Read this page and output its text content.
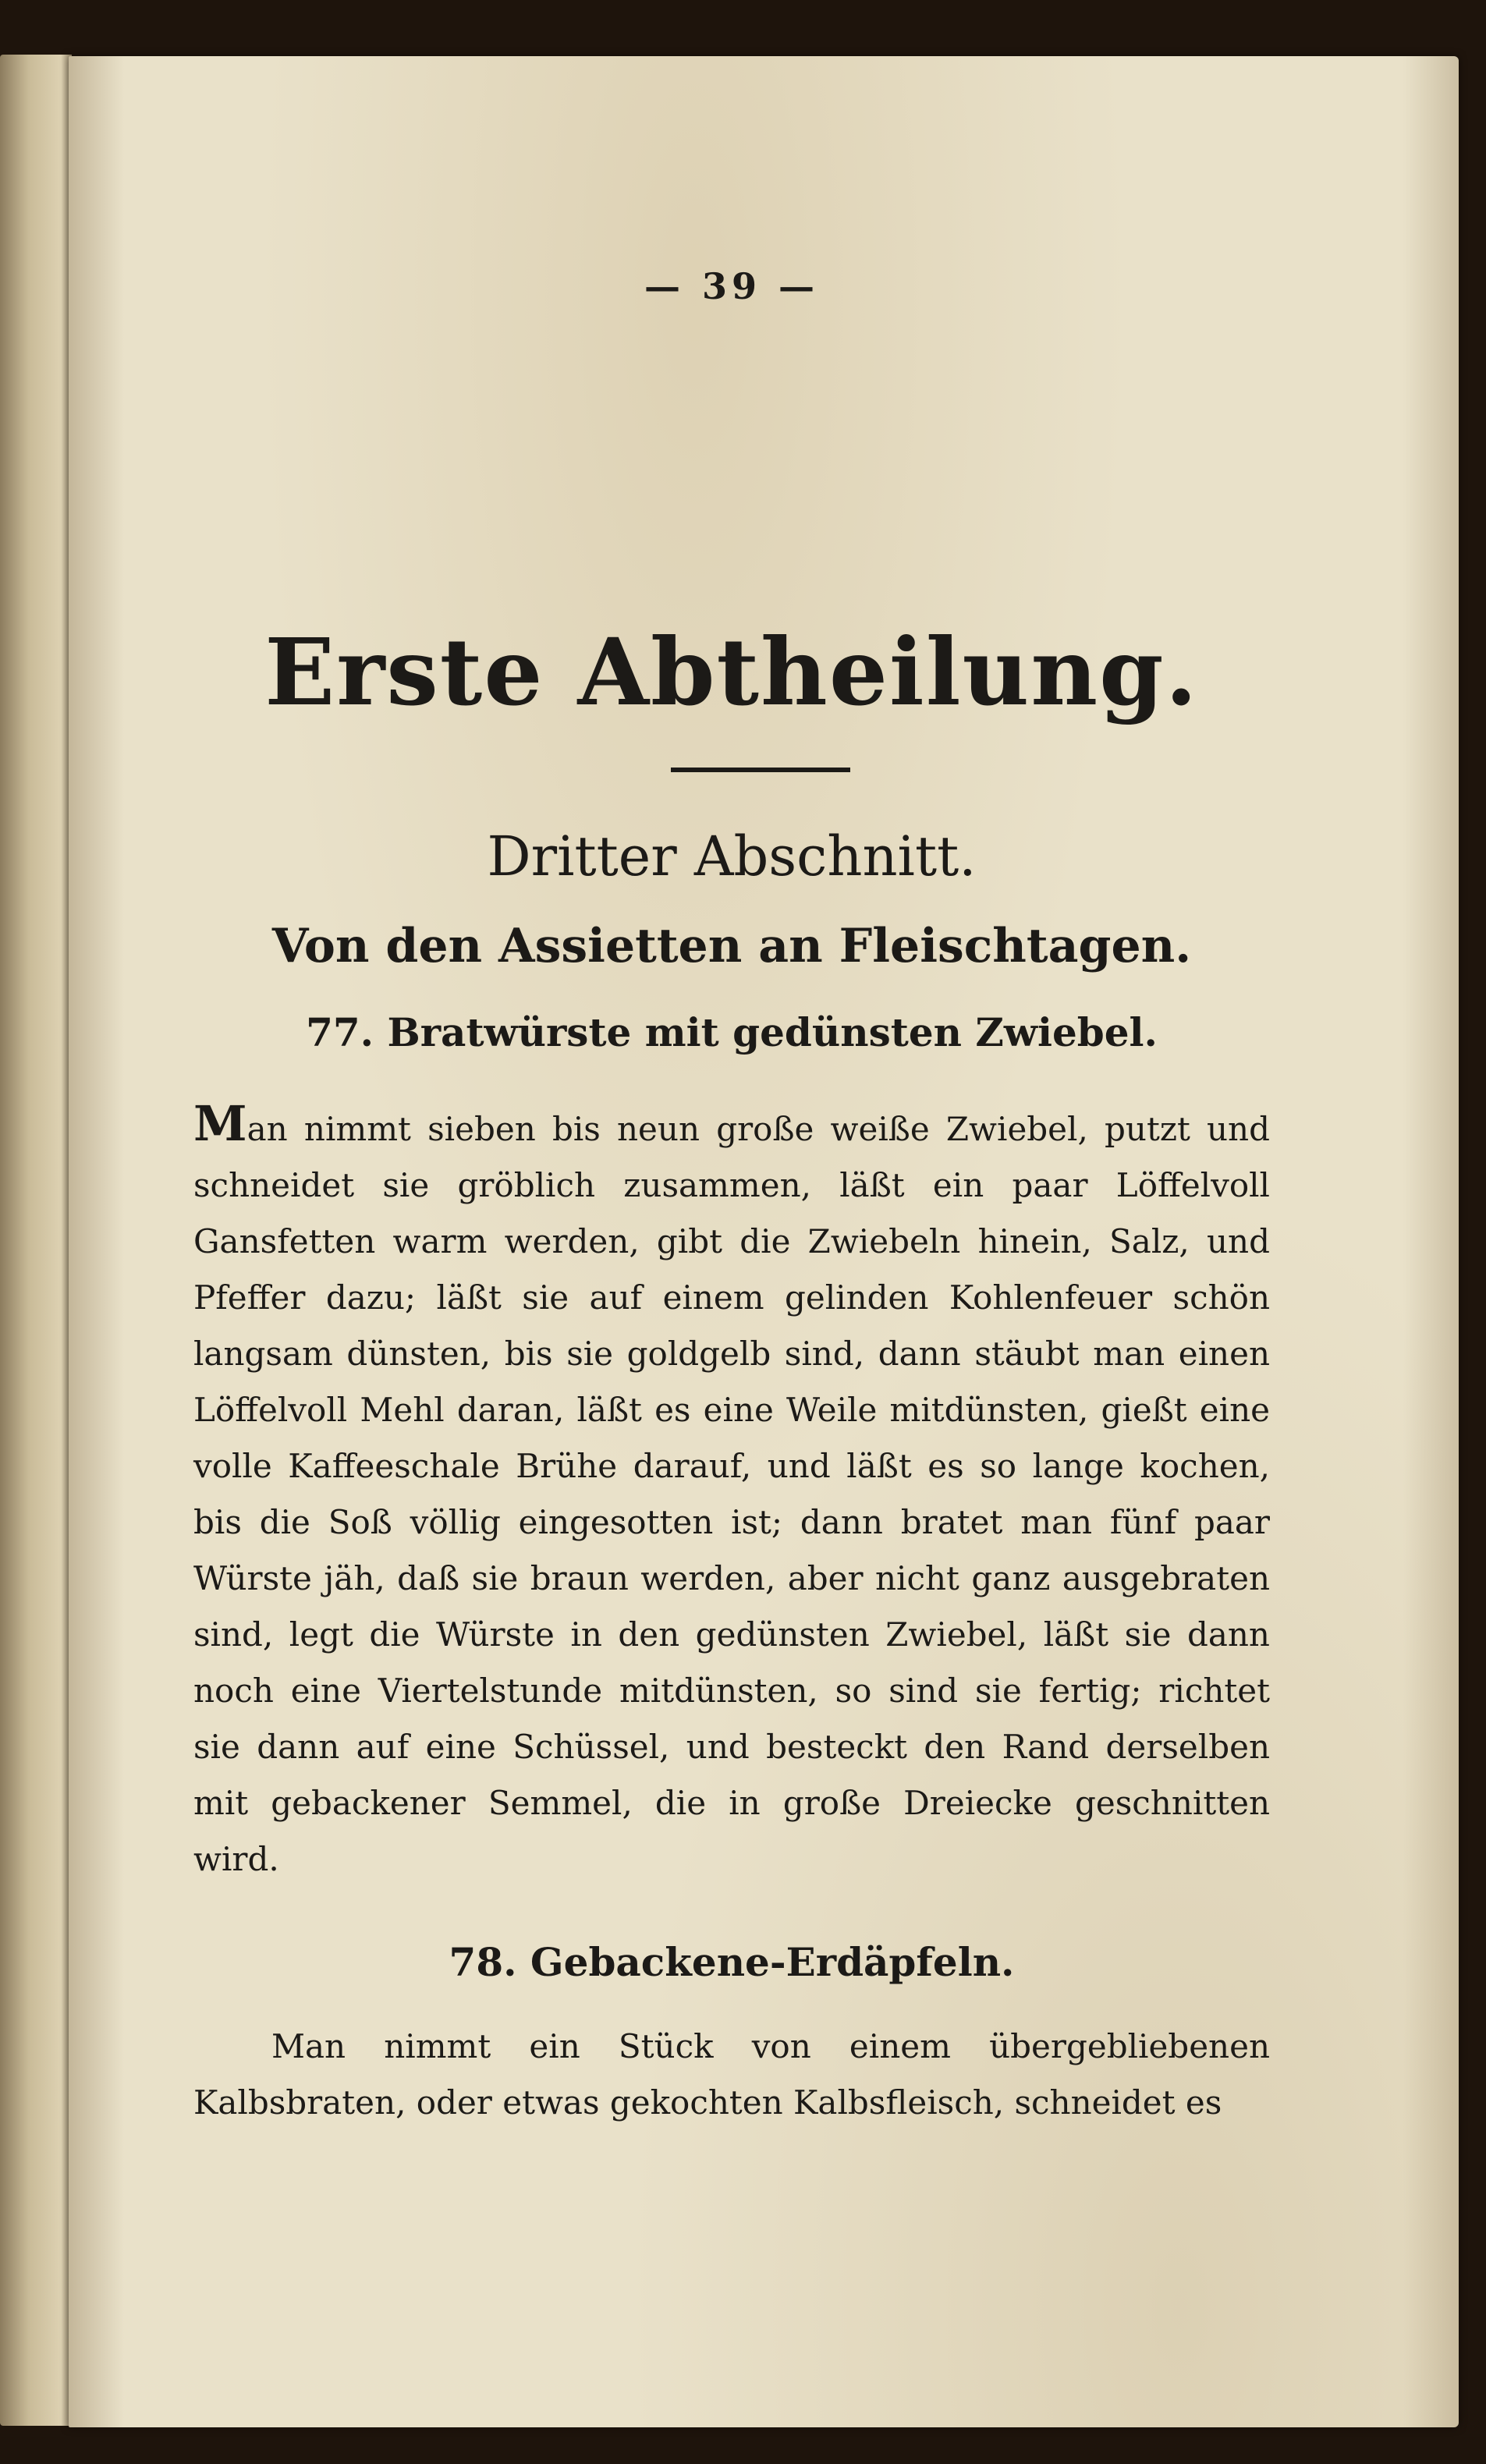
— 39 —
Erste Abtheilung.
Dritter Abschnitt.
Von den Assietten an Fleischtagen.
77. Bratwürste mit gedünsten Zwiebel.

Man nimmt sieben bis neun große weiße Zwiebel, putzt und schneidet sie gröblich zusammen, läßt ein paar Löffelvoll Gansfetten warm werden, gibt die Zwiebeln hinein, Salz, und Pfeffer dazu; läßt sie auf einem gelinden Kohlenfeuer schön langsam dünsten, bis sie goldgelb sind, dann stäubt man einen Löffelvoll Mehl daran, läßt es eine Weile mitdünsten, gießt eine volle Kaffeeschale Brühe darauf, und läßt es so lange kochen, bis die Soß völlig eingesotten ist; dann bratet man fünf paar Würste jäh, daß sie braun werden, aber nicht ganz ausgebraten sind, legt die Würste in den gedünsten Zwiebel, läßt sie dann noch eine Viertelstunde mitdünsten, so sind sie fertig; richtet sie dann auf eine Schüssel, und besteckt den Rand derselben mit gebackener Semmel, die in große Dreiecke geschnitten wird.

78. Gebackene-Erdäpfeln.

Man nimmt ein Stück von einem übergebliebenen Kalbsbraten, oder etwas gekochten Kalbsfleisch, schneidet es
